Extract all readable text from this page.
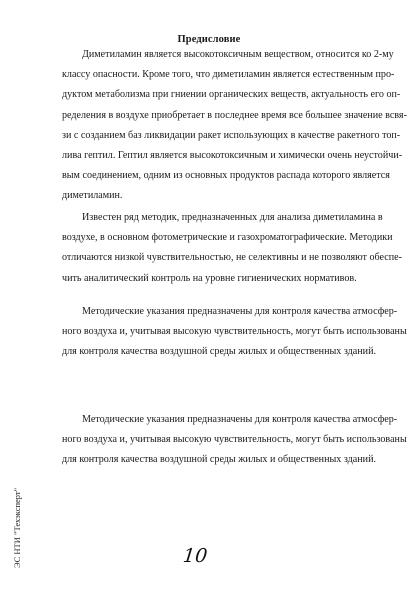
Предисловие
Диметиламин является высокотоксичным веществом, относится ко 2-му
классу опасности. Кроме того, что диметиламин является естественным про-
дуктом метаболизма при гниении органических веществ, актуальность его оп-
ределения в воздухе приобретает в последнее время все большее значение всвя-
зи с созданием баз ликвидации ракет использующих в качестве ракетного топ-
лива гептил. Гептил является высокотоксичным и химически очень неустойчи-
вым соединением, одним из основных продуктов распада которого является
диметиламин.
Известен ряд методик, предназначенных для анализа диметиламина в
воздухе, в основном фотометрические и газохроматографические. Методики
отличаются низкой чувствительностью, не селективны и не позволяют обеспе-
чить аналитический контроль на уровне гигиенических нормативов.
Методические указания предназначены для контроля качества атмосфер-
ного воздуха и, учитывая высокую чувствительность, могут быть использованы
для контроля качества воздушной среды жилых и общественных зданий.
Методические указания предназначены для контроля качества атмосфер-
ного воздуха и, учитывая высокую чувствительность, могут быть использованы
для контроля качества воздушной среды жилых и общественных зданий.
10
ЭС НТИ "Техэксперт"
